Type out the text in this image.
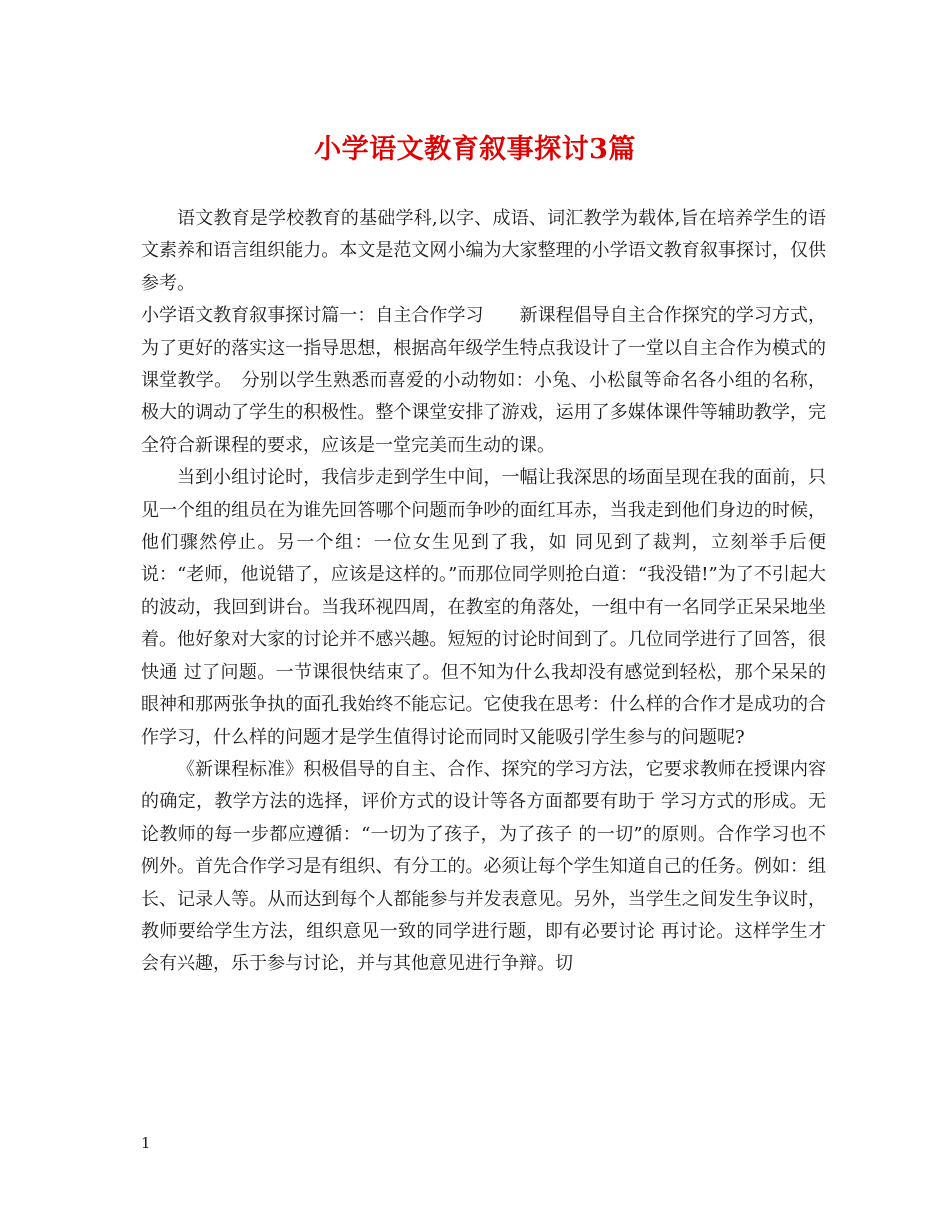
小学语文教育叙事探讨3篇

语文教育是学校教育的基础学科,以字、成语、词汇教学为载体,旨在培养学生的语文素养和语言组织能力。本文是范文网小编为大家整理的小学语文教育叙事探讨，仅供参考。

小学语文教育叙事探讨篇一：自主合作学习　　新课程倡导自主合作探究的学习方式，为了更好的落实这一指导思想，根据高年级学生特点我设计了一堂以自主合作为模式的课堂教学。　分别以学生熟悉而喜爱的小动物如：小兔、小松鼠等命名各小组的名称，极大的调动了学生的积极性。整个课堂安排了游戏，运用了多媒体课件等辅助教学，完全符合新课程的要求，应该是一堂完美而生动的课。

当到小组讨论时，我信步走到学生中间，一幅让我深思的场面呈现在我的面前，只见一个组的组员在为谁先回答哪个问题而争吵的面红耳赤，当我走到他们身边的时候，他们骤然停止。另一个组：一位女生见到了我，如 同见到了裁判，立刻举手后便说：“老师，他说错了，应该是这样的。”而那位同学则抢白道：“我没错!”为了不引起大的波动，我回到讲台。当我环视四周，在教室的角落处，一组中有一名同学正呆呆地坐着。他好象对大家的讨论并不感兴趣。短短的讨论时间到了。几位同学进行了回答，很快通 过了问题。一节课很快结束了。但不知为什么我却没有感觉到轻松，那个呆呆的眼神和那两张争执的面孔我始终不能忘记。它使我在思考：什么样的合作才是成功的合作学习，什么样的问题才是学生值得讨论而同时又能吸引学生参与的问题呢?

《新课程标准》积极倡导的自主、合作、探究的学习方法，它要求教师在授课内容的确定，教学方法的选择，评价方式的设计等各方面都要有助于 学习方式的形成。无论教师的每一步都应遵循：“一切为了孩子，为了孩子 的一切”的原则。合作学习也不例外。首先合作学习是有组织、有分工的。必须让每个学生知道自己的任务。例如：组长、记录人等。从而达到每个人都能参与并发表意见。另外，当学生之间发生争议时，教师要给学生方法，组织意见一致的同学进行题，即有必要讨论 再讨论。这样学生才会有兴趣，乐于参与讨论，并与其他意见进行争辩。切

1
